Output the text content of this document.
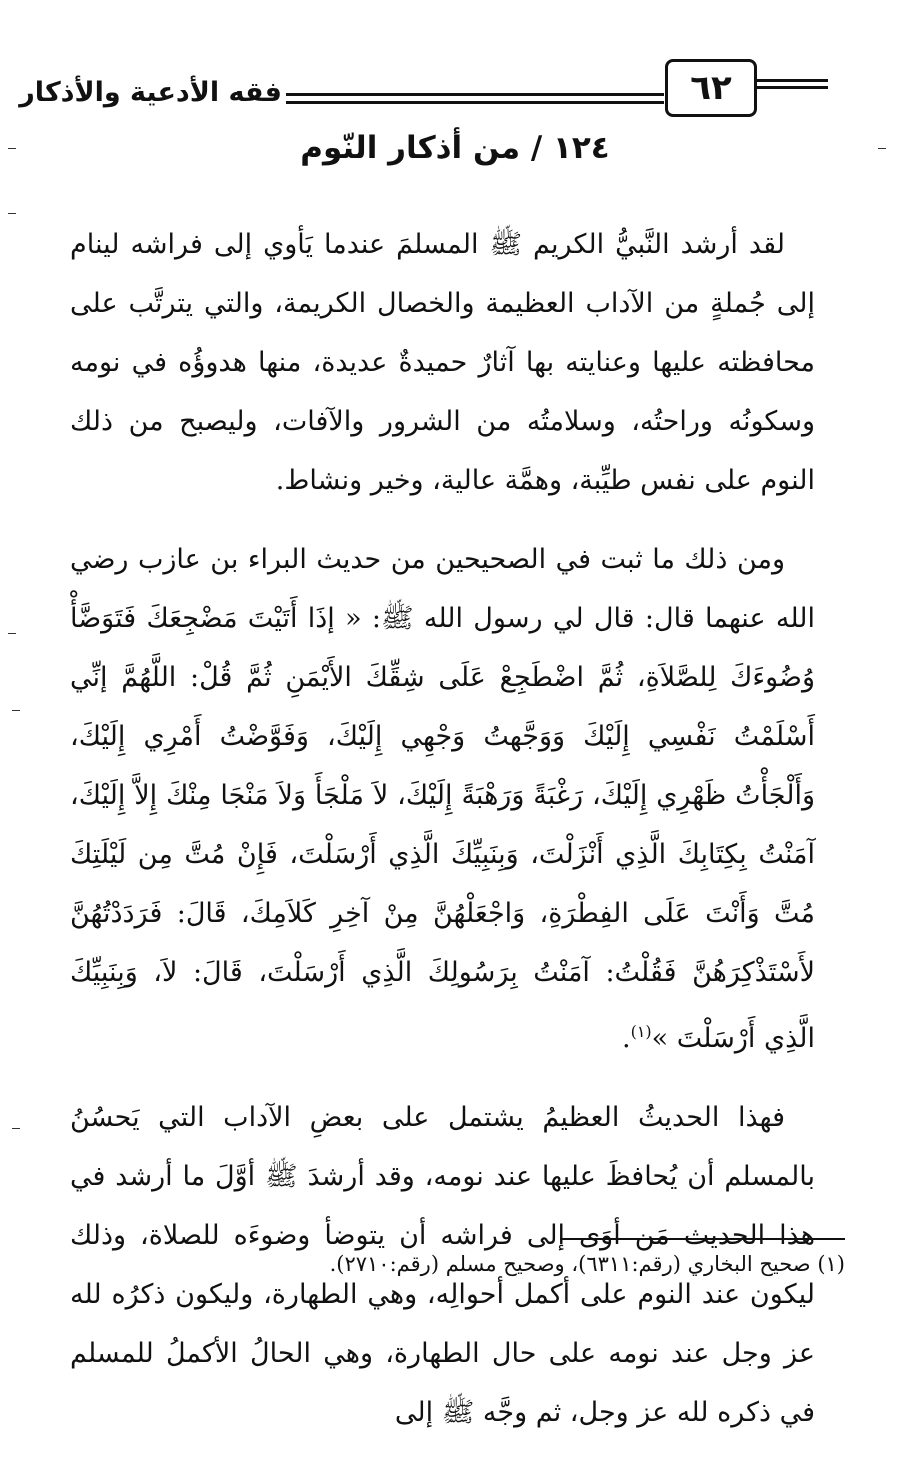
٦٢
فقه الأدعية والأذكار
١٢٤ / من أذكار النّوم

لقد أرشد النَّبيُّ الكريم ﷺ المسلمَ عندما يَأوي إلى فراشه لينام إلى جُملةٍ من الآداب العظيمة والخصال الكريمة، والتي يترتَّب على محافظته عليها وعنايته بها آثارٌ حميدةٌ عديدة، منها هدوؤُه في نومه وسكونُه وراحتُه، وسلامتُه من الشرور والآفات، وليصبح من ذلك النوم على نفس طيِّبة، وهمَّة عالية، وخير ونشاط.

ومن ذلك ما ثبت في الصحيحين من حديث البراء بن عازب رضي الله عنهما قال: قال لي رسول الله ﷺ: « إذَا أَتَيْتَ مَضْجِعَكَ فَتَوَضَّأْ وُضُوءَكَ لِلصَّلاَةِ، ثُمَّ اضْطَجِعْ عَلَى شِقِّكَ الأَيْمَنِ ثُمَّ قُلْ: اللَّهُمَّ إنِّي أَسْلَمْتُ نَفْسِي إِلَيْكَ وَوَجَّهتُ وَجْهِي إِلَيْكَ، وَفَوَّضْتُ أَمْرِي إِلَيْكَ، وَأَلْجَأْتُ ظَهْرِي إِلَيْكَ، رَغْبَةً وَرَهْبَةً إِلَيْكَ، لاَ مَلْجَأَ وَلاَ مَنْجَا مِنْكَ إِلاَّ إِلَيْكَ، آمَنْتُ بِكِتَابِكَ الَّذِي أَنْزَلْتَ، وَبِنَبِيِّكَ الَّذِي أَرْسَلْتَ، فَإِنْ مُتَّ مِن لَيْلَتِكَ مُتَّ وَأَنْتَ عَلَى الفِطْرَةِ، وَاجْعَلْهُنَّ مِنْ آخِرِ كَلاَمِكَ، قَالَ: فَرَدَدْتُهُنَّ لأَسْتَذْكِرَهُنَّ فَقُلْتُ: آمَنْتُ بِرَسُولِكَ الَّذِي أَرْسَلْتَ، قَالَ: لاَ، وَبِنَبِيِّكَ الَّذِي أَرْسَلْتَ »$^{(١)}$.

فهذا الحديثُ العظيمُ يشتمل على بعضِ الآداب التي يَحسُنُ بالمسلم أن يُحافظَ عليها عند نومه، وقد أرشدَ ﷺ أوَّلَ ما أرشد في هذا الحديث مَن أوَى إلى فراشه أن يتوضأ وضوءَه للصلاة، وذلك ليكون عند النوم على أكمل أحوالِه، وهي الطهارة، وليكون ذكرُه لله عز وجل عند نومه على حال الطهارة، وهي الحالُ الأكملُ للمسلم في ذكره لله عز وجل، ثم وجَّه ﷺ إلى

(١) صحيح البخاري (رقم:٦٣١١)، وصحيح مسلم (رقم:٢٧١٠).
